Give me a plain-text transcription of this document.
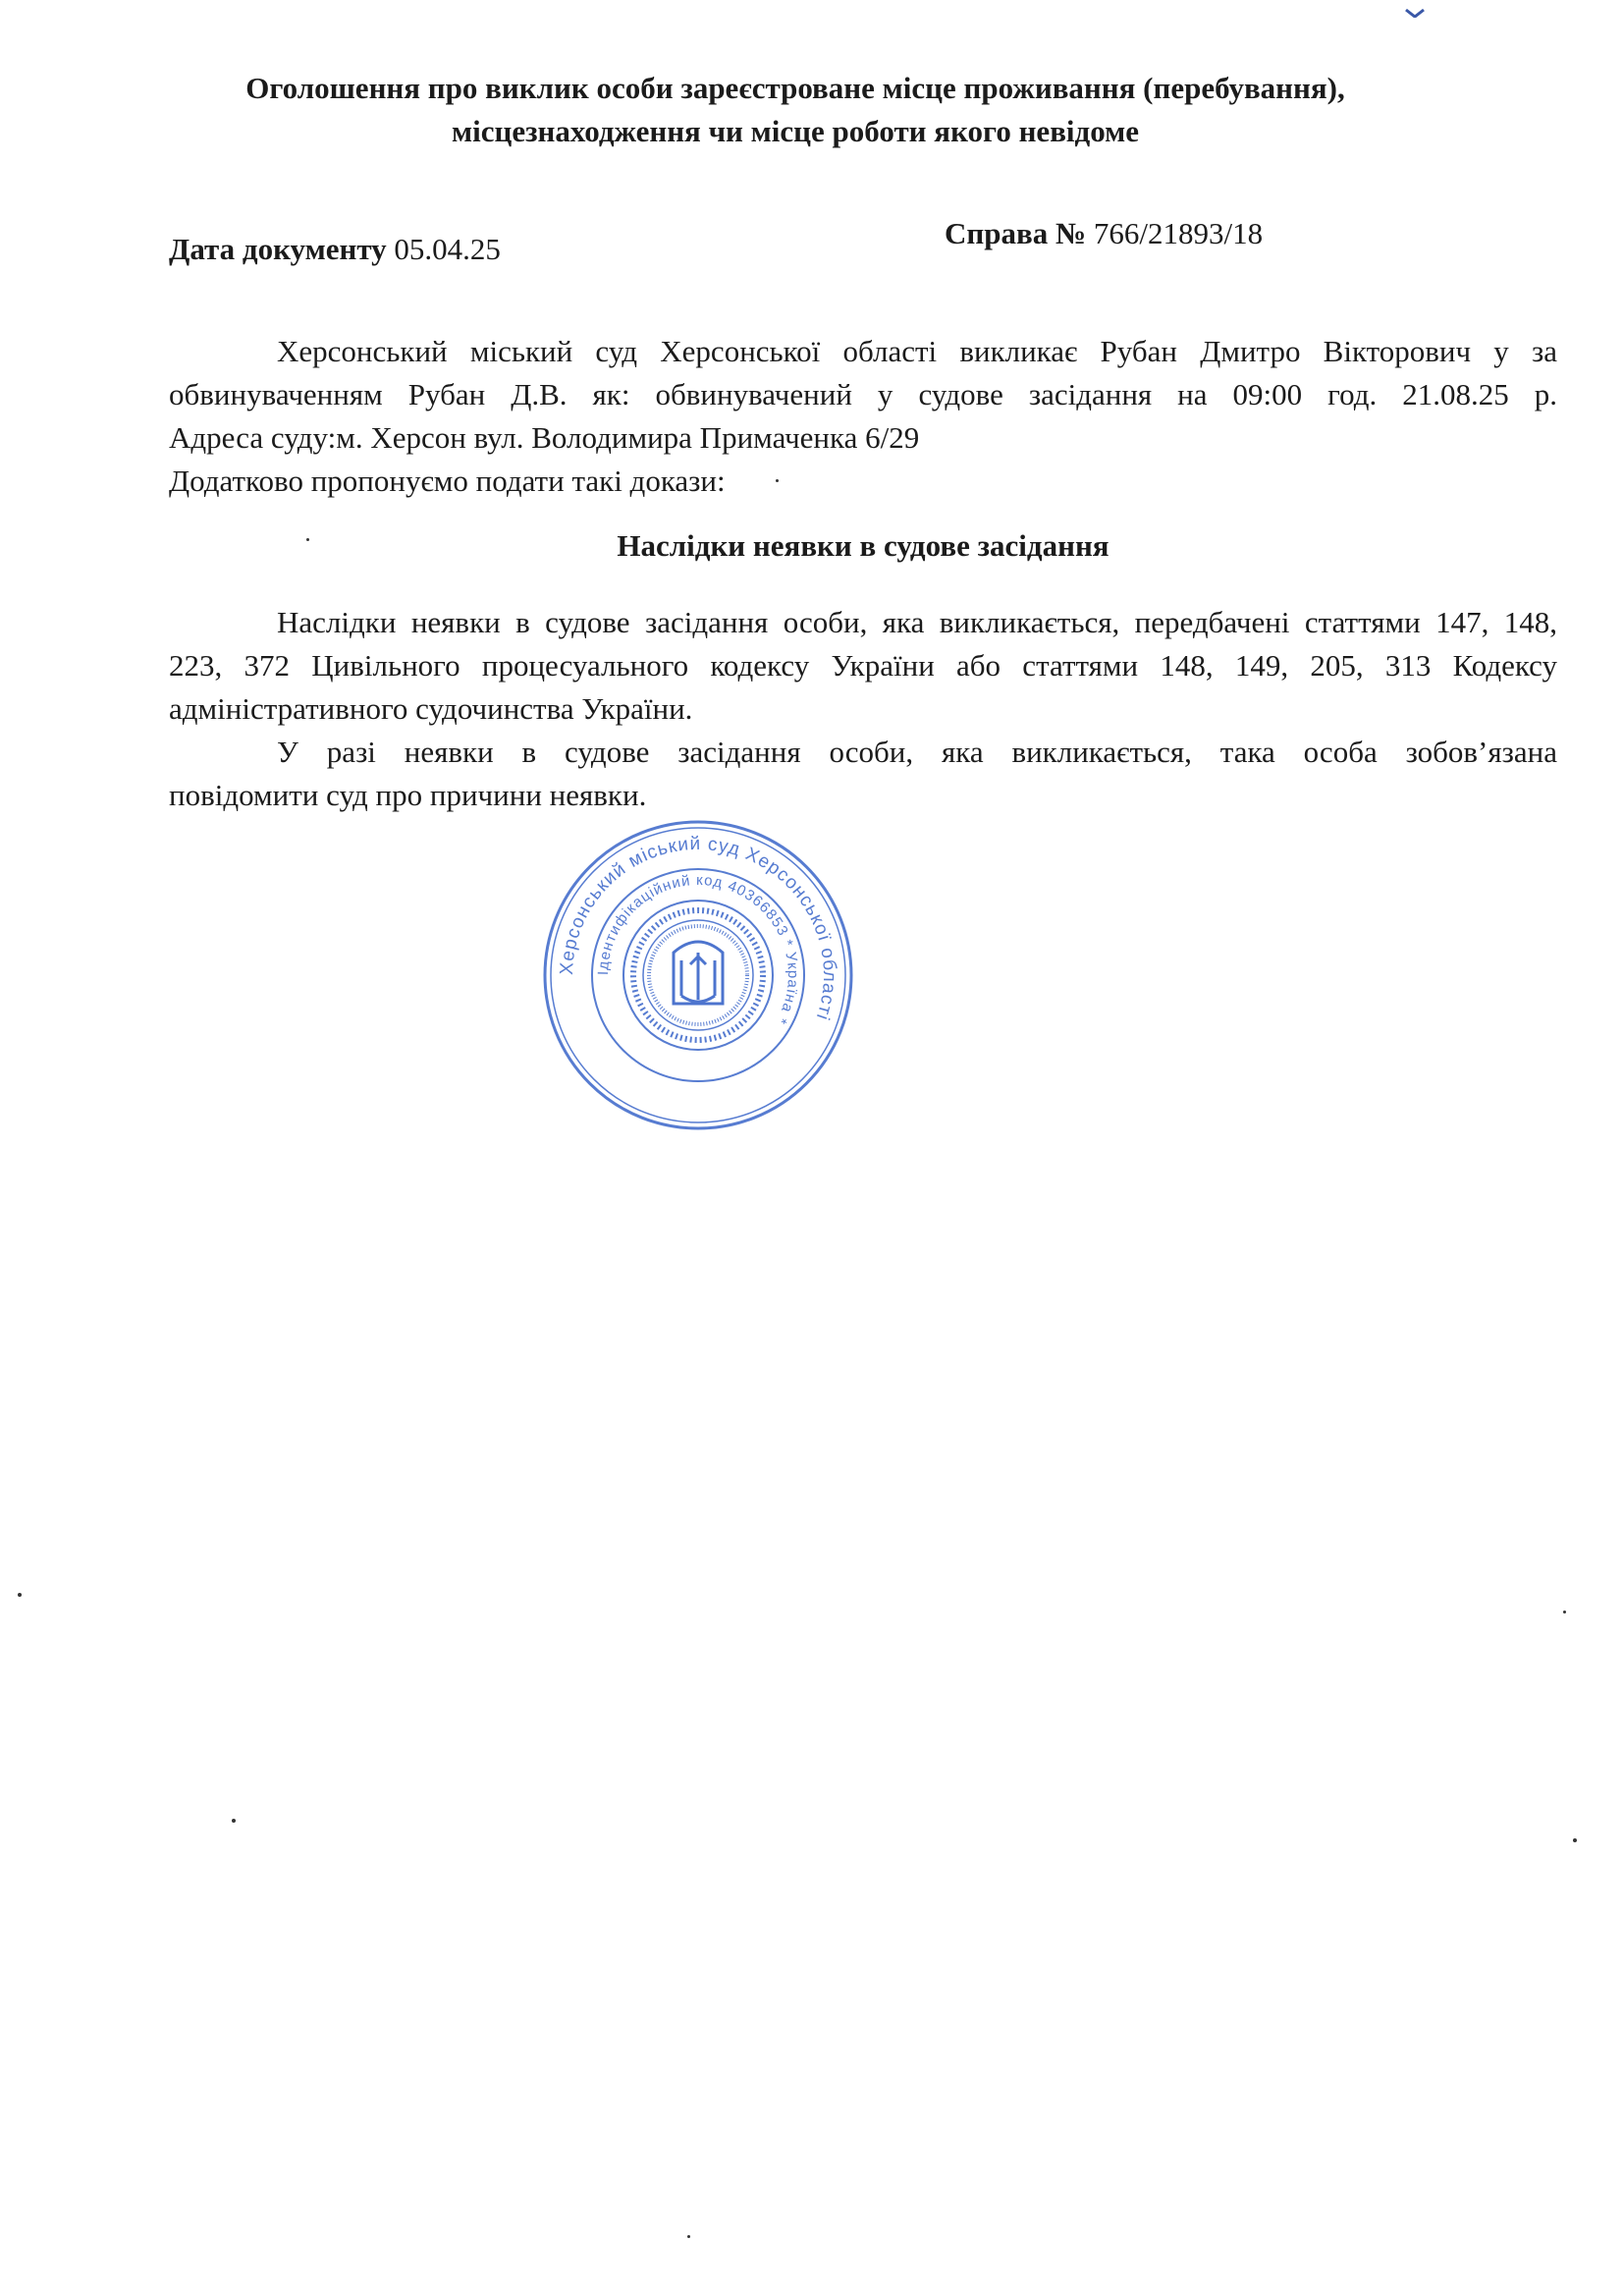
Оголошення про виклик особи зареєстроване місце проживання (перебування),
місцезнаходження чи місце роботи якого невідоме
Дата документу 05.04.25	Справа № 766/21893/18

Херсонський міський суд Херсонської області викликає Рубан Дмитро Вікторович у за

обвинуваченням Рубан Д.В. як: обвинувачений у судове засідання на 09:00 год. 21.08.25 р.

Адреса суду:м. Херсон вул. Володимира Примаченка 6/29

Додатково пропонуємо подати такі докази:

Наслідки неявки в судове засідання

Наслідки неявки в судове засідання особи, яка викликається, передбачені статтями 147, 148,

223, 372 Цивільного процесуального кодексу України або статтями 148, 149, 205, 313 Кодексу

адміністративного судочинства України.

У разі неявки в судове засідання особи, яка викликається, така особа зобов’язана

повідомити суд про причини неявки.

Херсонський міський суд Херсонської області
Ідентифікаційний код 40366853 * Україна *
